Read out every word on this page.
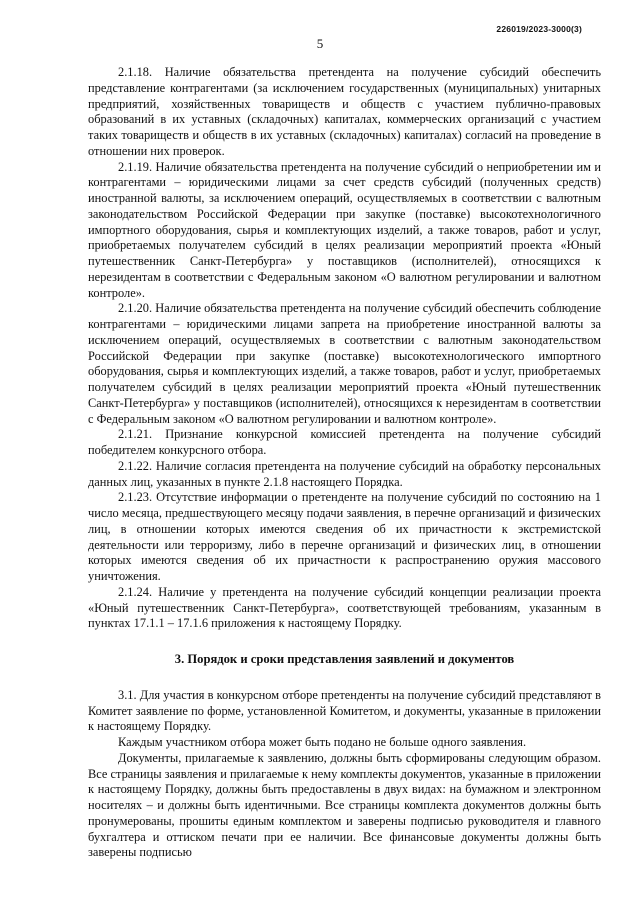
226019/2023-3000(3)
5

2.1.18. Наличие обязательства претендента на получение субсидий обеспечить представление контрагентами (за исключением государственных (муниципальных) унитарных предприятий, хозяйственных товариществ и обществ с участием публично-правовых образований в их уставных (складочных) капиталах, коммерческих организаций с участием таких товариществ и обществ в их уставных (складочных) капиталах) согласий на проведение в отношении них проверок.

2.1.19. Наличие обязательства претендента на получение субсидий о неприобретении им и контрагентами – юридическими лицами за счет средств субсидий (полученных средств) иностранной валюты, за исключением операций, осуществляемых в соответствии с валютным законодательством Российской Федерации при закупке (поставке) высокотехнологичного импортного оборудования, сырья и комплектующих изделий, а также товаров, работ и услуг, приобретаемых получателем субсидий в целях реализации мероприятий проекта «Юный путешественник Санкт-Петербурга» у поставщиков (исполнителей), относящихся к нерезидентам в соответствии с Федеральным законом «О валютном регулировании и валютном контроле».

2.1.20. Наличие обязательства претендента на получение субсидий обеспечить соблюдение контрагентами – юридическими лицами запрета на приобретение иностранной валюты за исключением операций, осуществляемых в соответствии с валютным законодательством Российской Федерации при закупке (поставке) высокотехнологического импортного оборудования, сырья и комплектующих изделий, а также товаров, работ и услуг, приобретаемых получателем субсидий в целях реализации мероприятий проекта «Юный путешественник Санкт-Петербурга» у поставщиков (исполнителей), относящихся к нерезидентам в соответствии с Федеральным законом «О валютном регулировании и валютном контроле».

2.1.21. Признание конкурсной комиссией претендента на получение субсидий победителем конкурсного отбора.

2.1.22. Наличие согласия претендента на получение субсидий на обработку персональных данных лиц, указанных в пункте 2.1.8 настоящего Порядка.

2.1.23. Отсутствие информации о претенденте на получение субсидий по состоянию на 1 число месяца, предшествующего месяцу подачи заявления, в перечне организаций и физических лиц, в отношении которых имеются сведения об их причастности к экстремистской деятельности или терроризму, либо в перечне организаций и физических лиц, в отношении которых имеются сведения об их причастности к распространению оружия массового уничтожения.

2.1.24. Наличие у претендента на получение субсидий концепции реализации проекта «Юный путешественник Санкт-Петербурга», соответствующей требованиям, указанным в пунктах 17.1.1 – 17.1.6 приложения к настоящему Порядку.

3. Порядок и сроки представления заявлений и документов

3.1. Для участия в конкурсном отборе претенденты на получение субсидий представляют в Комитет заявление по форме, установленной Комитетом, и документы, указанные в приложении к настоящему Порядку.

Каждым участником отбора может быть подано не больше одного заявления.

Документы, прилагаемые к заявлению, должны быть сформированы следующим образом. Все страницы заявления и прилагаемые к нему комплекты документов, указанные в приложении к настоящему Порядку, должны быть предоставлены в двух видах: на бумажном и электронном носителях – и должны быть идентичными. Все страницы комплекта документов должны быть пронумерованы, прошиты единым комплектом и заверены подписью руководителя и главного бухгалтера и оттиском печати при ее наличии. Все финансовые документы должны быть заверены подписью
